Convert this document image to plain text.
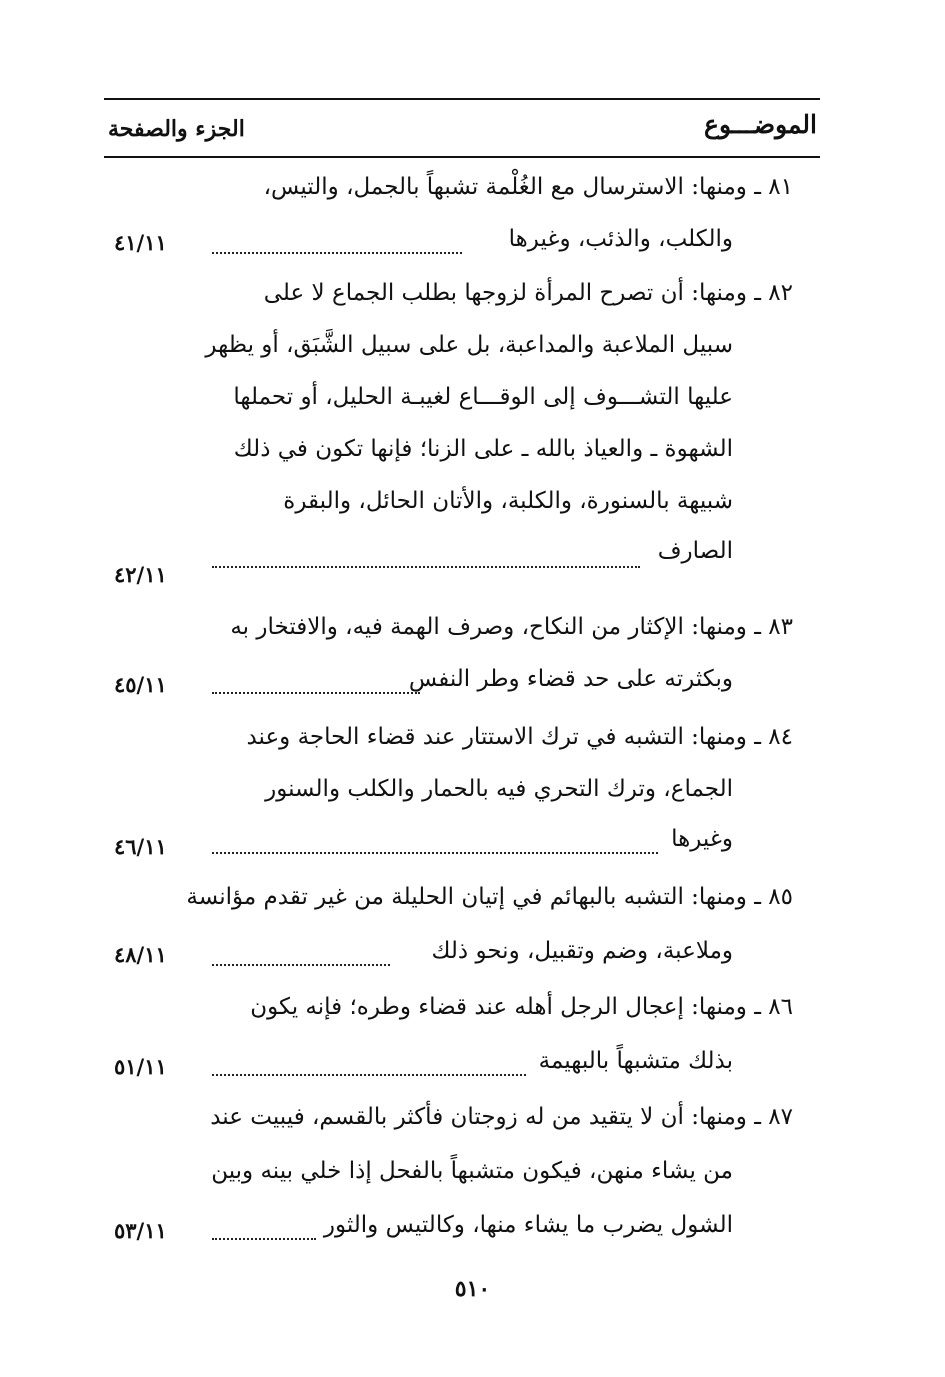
الموضـــوع
الجزء والصفحة
٨١ ـ ومنها: الاسترسال مع الغُلْمة تشبهاً بالجمل، والتيس،
والكلب، والذئب، وغيرها
٤١/١١
٨٢ ـ ومنها: أن تصرح المرأة لزوجها بطلب الجماع لا على
سبيل الملاعبة والمداعبة، بل على سبيل الشَّبَق، أو يظهر
عليها التشـــوف إلى الوقـــاع لغيبـة الحليل، أو تحملها
الشهوة ـ والعياذ بالله ـ على الزنا؛ فإنها تكون في ذلك
شبيهة بالسنورة، والكلبة، والأتان الحائل، والبقرة
الصارف
٤٢/١١
٨٣ ـ ومنها: الإكثار من النكاح، وصرف الهمة فيه، والافتخار به
وبكثرته على حد قضاء وطر النفس
٤٥/١١
٨٤ ـ ومنها: التشبه في ترك الاستتار عند قضاء الحاجة وعند
الجماع، وترك التحري فيه بالحمار والكلب والسنور
وغيرها
٤٦/١١
٨٥ ـ ومنها: التشبه بالبهائم في إتيان الحليلة من غير تقدم مؤانسة
وملاعبة، وضم وتقبيل، ونحو ذلك
٤٨/١١
٨٦ ـ ومنها: إعجال الرجل أهله عند قضاء وطره؛ فإنه يكون
بذلك متشبهاً بالبهيمة
٥١/١١
٨٧ ـ ومنها: أن لا يتقيد من له زوجتان فأكثر بالقسم، فيبيت عند
من يشاء منهن، فيكون متشبهاً بالفحل إذا خلي بينه وبين
الشول يضرب ما يشاء منها، وكالتيس والثور
٥٣/١١
٥١٠
